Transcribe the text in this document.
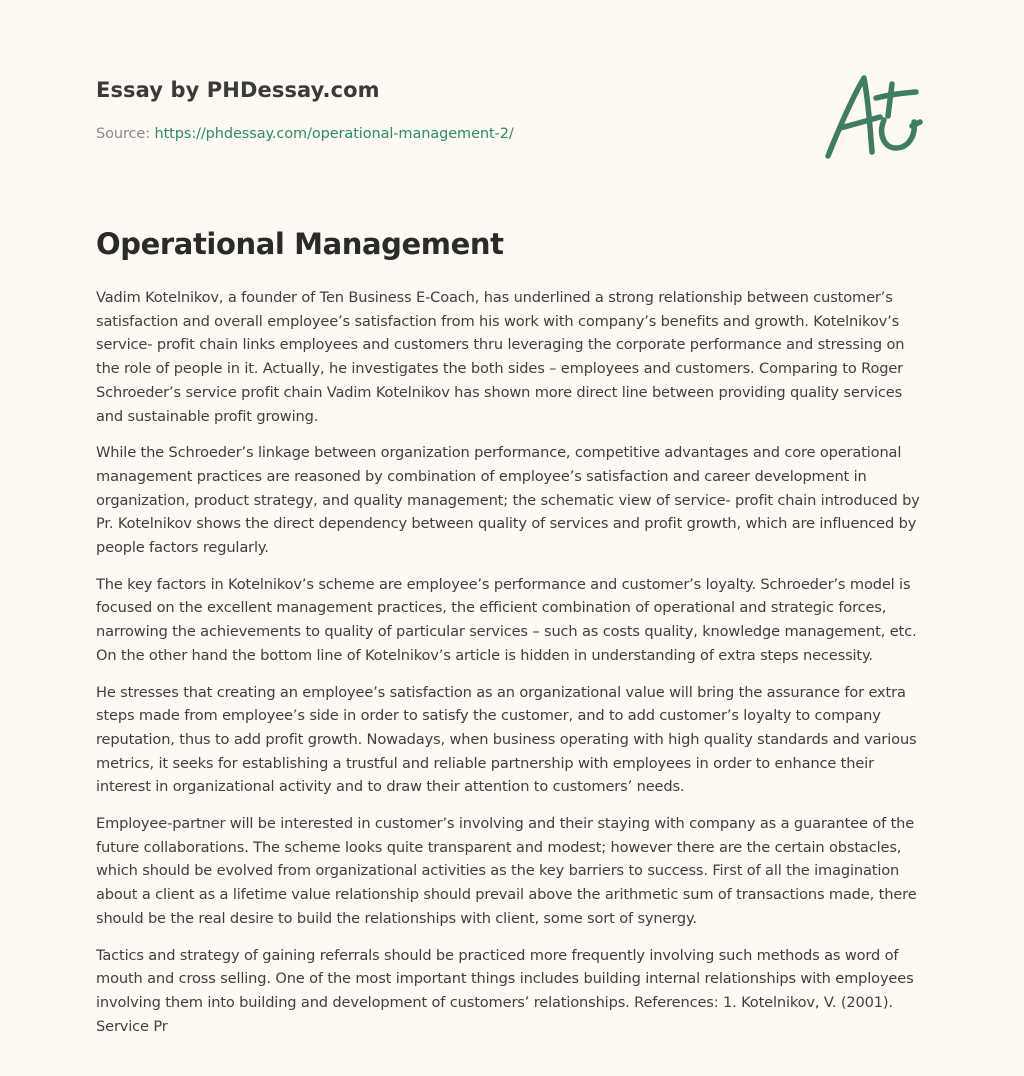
Essay by PHDessay.com

Source: https://phdessay.com/operational-management-2/
Operational Management

Vadim Kotelnikov, a founder of Ten Business E-Coach, has underlined a strong relationship between customer’s satisfaction and overall employee’s satisfaction from his work with company’s benefits and growth. Kotelnikov’s service- profit chain links employees and customers thru leveraging the corporate performance and stressing on the role of people in it. Actually, he investigates the both sides – employees and customers. Comparing to Roger Schroeder’s service profit chain Vadim Kotelnikov has shown more direct line between providing quality services and sustainable profit growing.

While the Schroeder’s linkage between organization performance, competitive advantages and core operational management practices are reasoned by combination of employee’s satisfaction and career development in organization, product strategy, and quality management; the schematic view of service- profit chain introduced by Pr. Kotelnikov shows the direct dependency between quality of services and profit growth, which are influenced by people factors regularly.

The key factors in Kotelnikov’s scheme are employee’s performance and customer’s loyalty. Schroeder’s model is focused on the excellent management practices, the efficient combination of operational and strategic forces, narrowing the achievements to quality of particular services – such as costs quality, knowledge management, etc. On the other hand the bottom line of Kotelnikov’s article is hidden in understanding of extra steps necessity.

He stresses that creating an employee’s satisfaction as an organizational value will bring the assurance for extra steps made from employee’s side in order to satisfy the customer, and to add customer’s loyalty to company reputation, thus to add profit growth. Nowadays, when business operating with high quality standards and various metrics, it seeks for establishing a trustful and reliable partnership with employees in order to enhance their interest in organizational activity and to draw their attention to customers’ needs.

Employee-partner will be interested in customer’s involving and their staying with company as a guarantee of the future collaborations. The scheme looks quite transparent and modest; however there are the certain obstacles, which should be evolved from organizational activities as the key barriers to success. First of all the imagination about a client as a lifetime value relationship should prevail above the arithmetic sum of transactions made, there should be the real desire to build the relationships with client, some sort of synergy.

Tactics and strategy of gaining referrals should be practiced more frequently involving such methods as word of mouth and cross selling. One of the most important things includes building internal relationships with employees involving them into building and development of customers’ relationships. References: 1. Kotelnikov, V. (2001). Service Pr
